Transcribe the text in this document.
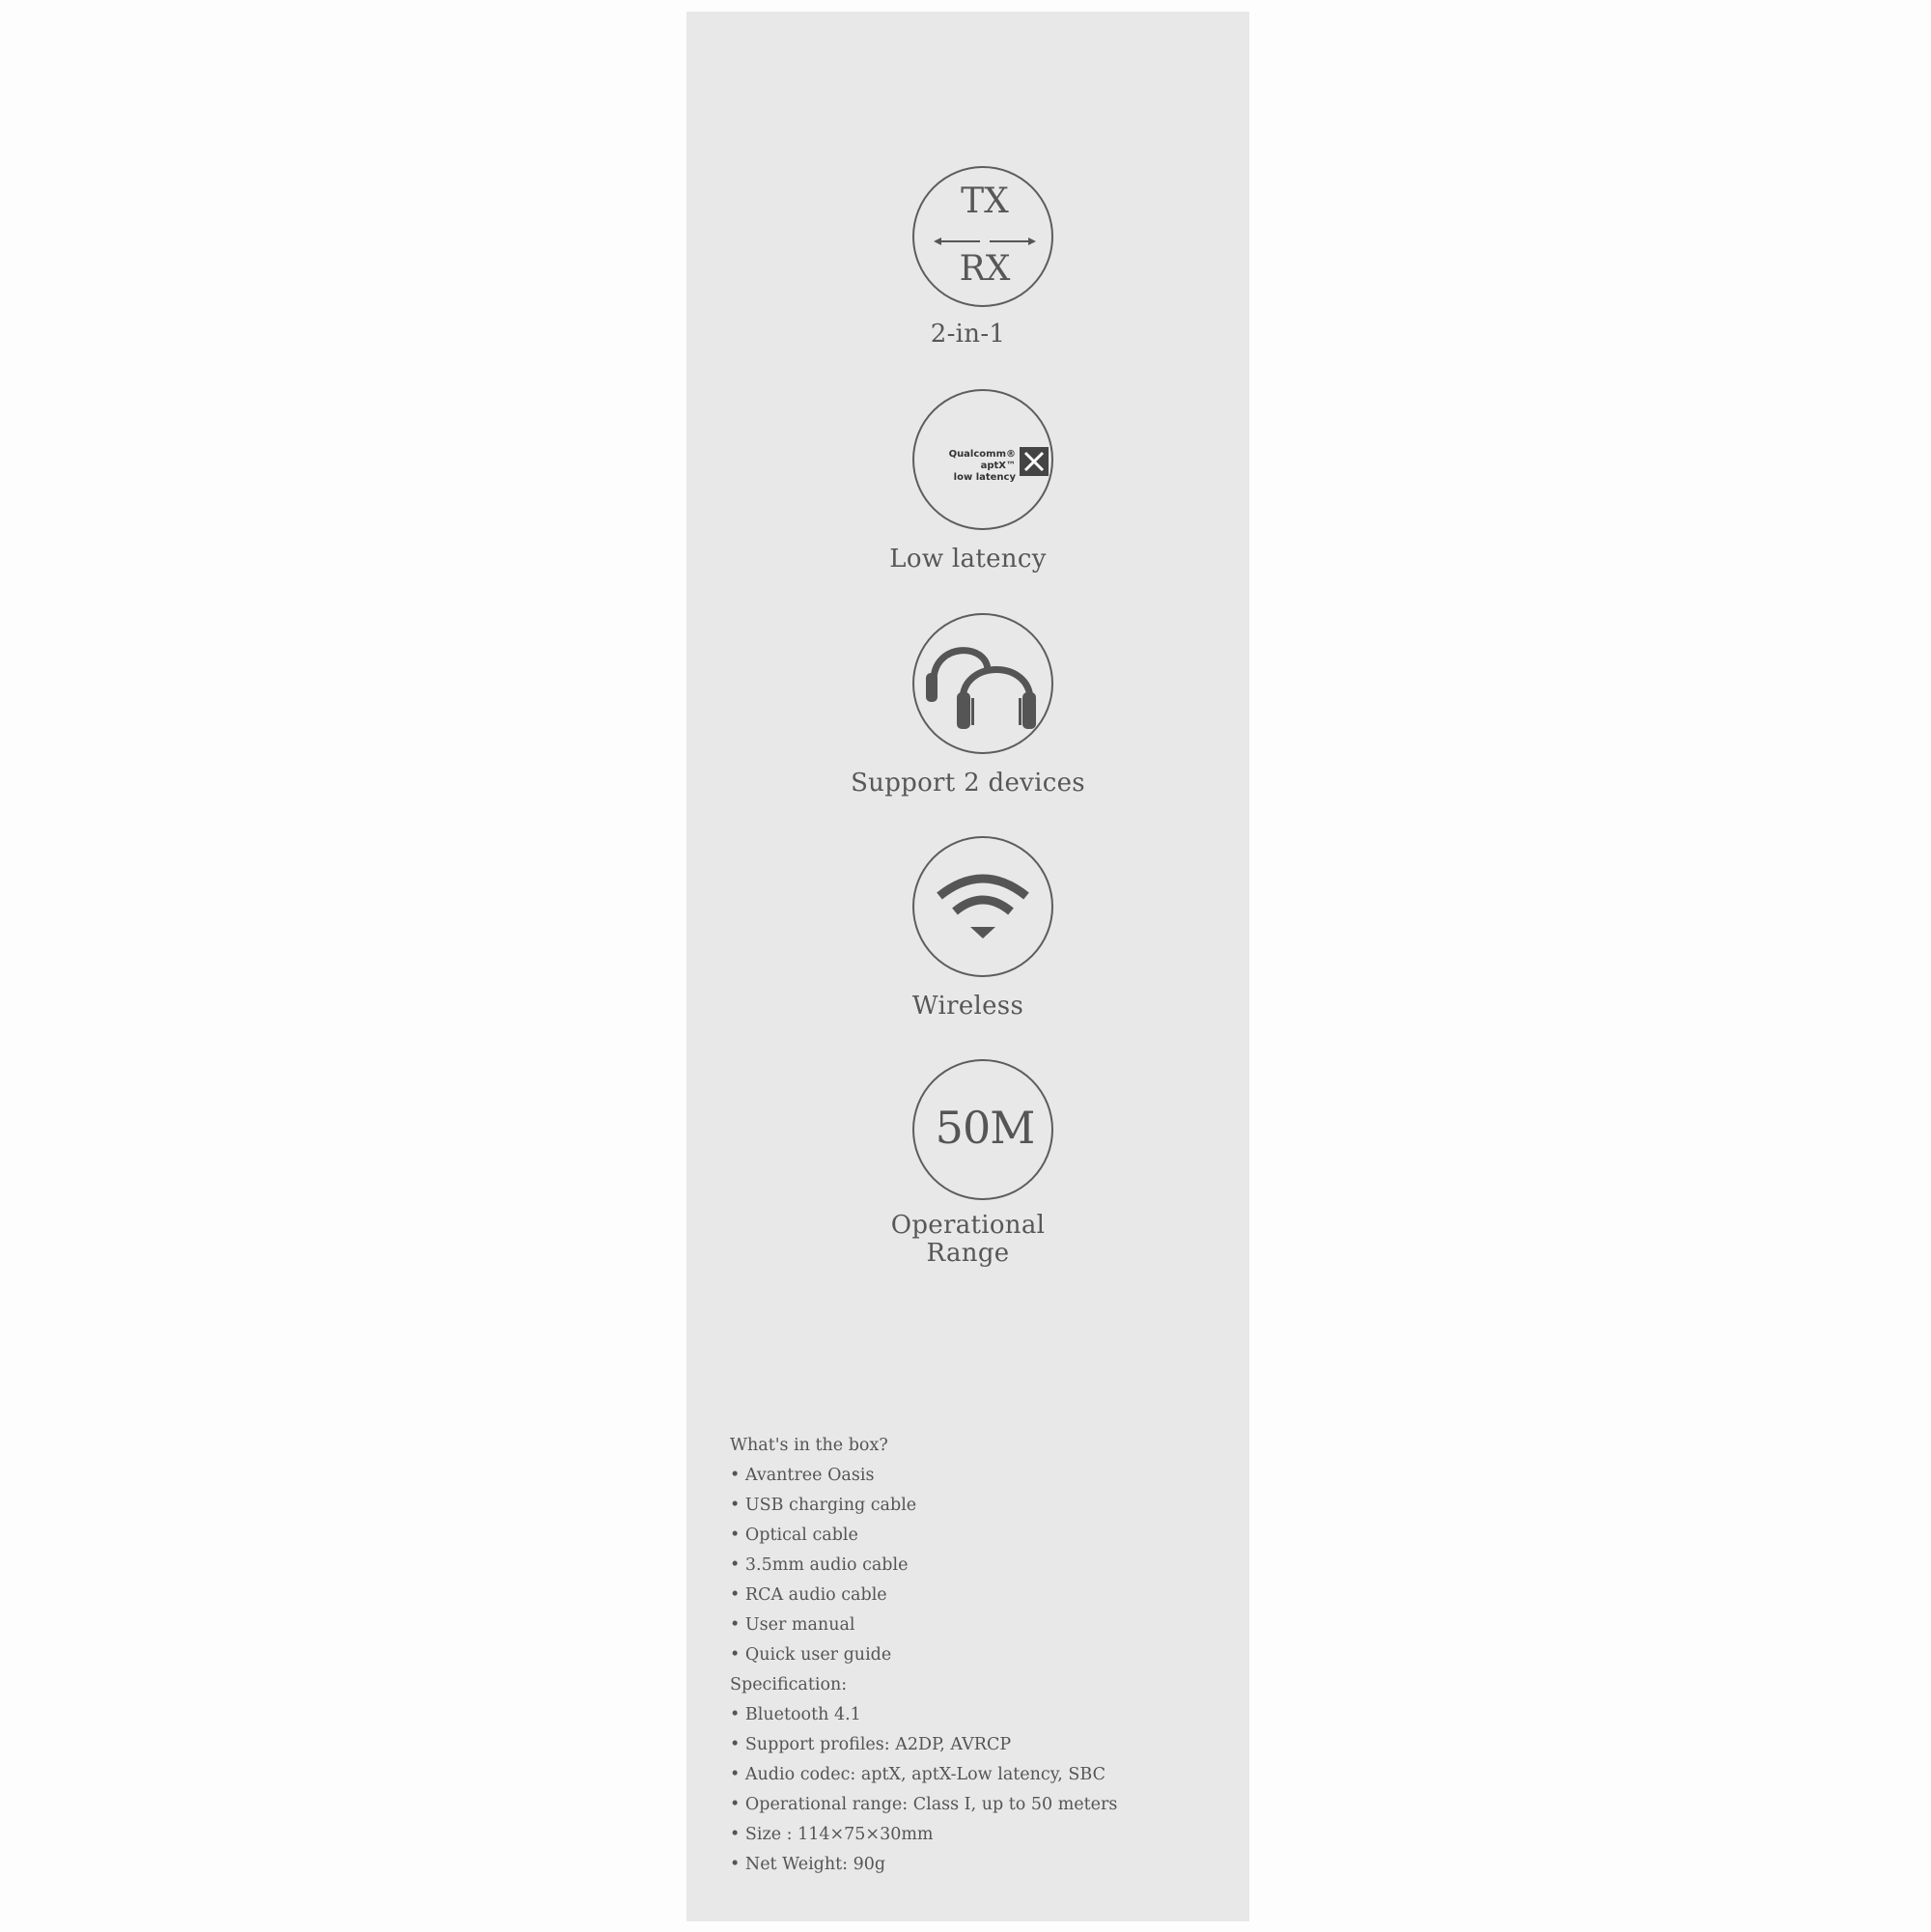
TX
RX
2-in-1
Qualcomm® aptX™
low latency
Low latency
Support 2 devices
Wireless
50M
Operational
Range
What's in the box?
• Avantree Oasis
• USB charging cable
• Optical cable
• 3.5mm audio cable
• RCA audio cable
• User manual
• Quick user guide
Specification:
• Bluetooth 4.1
• Support profiles: A2DP, AVRCP
• Audio codec: aptX, aptX-Low latency, SBC
• Operational range: Class I, up to 50 meters
• Size : 114×75×30mm
• Net Weight: 90g
